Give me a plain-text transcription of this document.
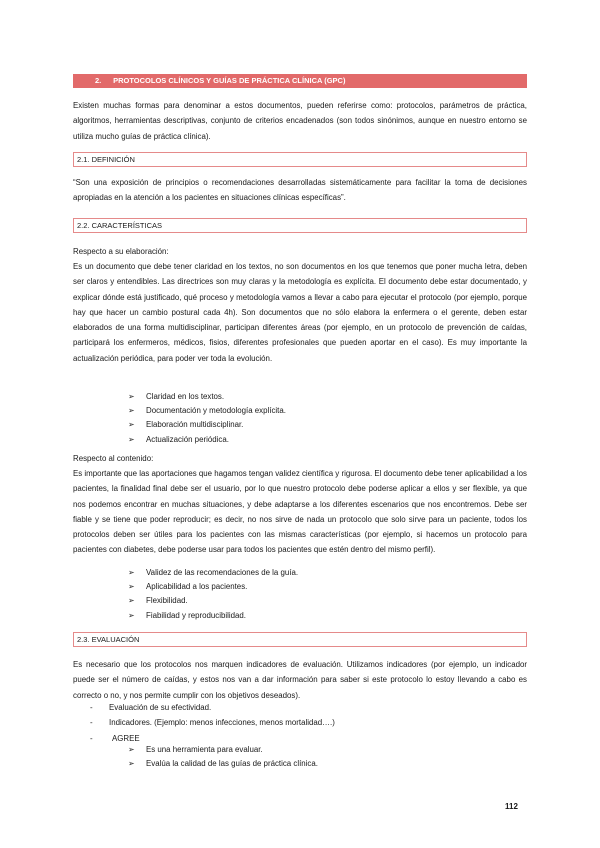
2. PROTOCOLOS CLÍNICOS Y GUÍAS DE PRÁCTICA CLÍNICA (GPC)
Existen muchas formas para denominar a estos documentos, pueden referirse como: protocolos, parámetros de práctica, algoritmos, herramientas descriptivas, conjunto de criterios encadenados (son todos sinónimos, aunque en nuestro entorno se utiliza mucho guías de práctica clínica).
2.1. DEFINICIÓN
“Son una exposición de principios o recomendaciones desarrolladas sistemáticamente para facilitar la toma de decisiones apropiadas en la atención a los pacientes en situaciones clínicas específicas”.
2.2. CARACTERÍSTICAS
Respecto a su elaboración:
Es un documento que debe tener claridad en los textos, no son documentos en los que tenemos que poner mucha letra, deben ser claros y entendibles. Las directrices son muy claras y la metodología es explícita. El documento debe estar documentado, y explicar dónde está justificado, qué proceso y metodología vamos a llevar a cabo para ejecutar el protocolo (por ejemplo, porque hay que hacer un cambio postural cada 4h). Son documentos que no sólo elabora la enfermera o el gerente, deben estar elaborados de una forma multidisciplinar, participan diferentes áreas (por ejemplo, en un protocolo de prevención de caídas, participará los enfermeros, médicos, fisios, diferentes profesionales que pueden aportar en el caso). Es muy importante la actualización periódica, para poder ver toda la evolución.
➢ Claridad en los textos.
➢ Documentación y metodología explícita.
➢ Elaboración multidisciplinar.
➢ Actualización periódica.
Respecto al contenido:
Es importante que las aportaciones que hagamos tengan validez científica y rigurosa. El documento debe tener aplicabilidad a los pacientes, la finalidad final debe ser el usuario, por lo que nuestro protocolo debe poderse aplicar a ellos y ser flexible, ya que nos podemos encontrar en muchas situaciones, y debe adaptarse a los diferentes escenarios que nos encontremos. Debe ser fiable y se tiene que poder reproducir; es decir, no nos sirve de nada un protocolo que solo sirve para un paciente, todos los protocolos deben ser útiles para los pacientes con las mismas características (por ejemplo, si hacemos un protocolo para pacientes con diabetes, debe poderse usar para todos los pacientes que estén dentro del mismo perfil).
➢ Validez de las recomendaciones de la guía.
➢ Aplicabilidad a los pacientes.
➢ Flexibilidad.
➢ Fiabilidad y reproducibilidad.
2.3. EVALUACIÓN
Es necesario que los protocolos nos marquen indicadores de evaluación. Utilizamos indicadores (por ejemplo, un indicador puede ser el número de caídas, y estos nos van a dar información para saber si este protocolo lo estoy llevando a cabo es correcto o no, y nos permite cumplir con los objetivos deseados).
- Evaluación de su efectividad.
- Indicadores. (Ejemplo: menos infecciones, menos mortalidad….)
- AGREE
➢ Es una herramienta para evaluar.
➢ Evalúa la calidad de las guías de práctica clínica.
112
